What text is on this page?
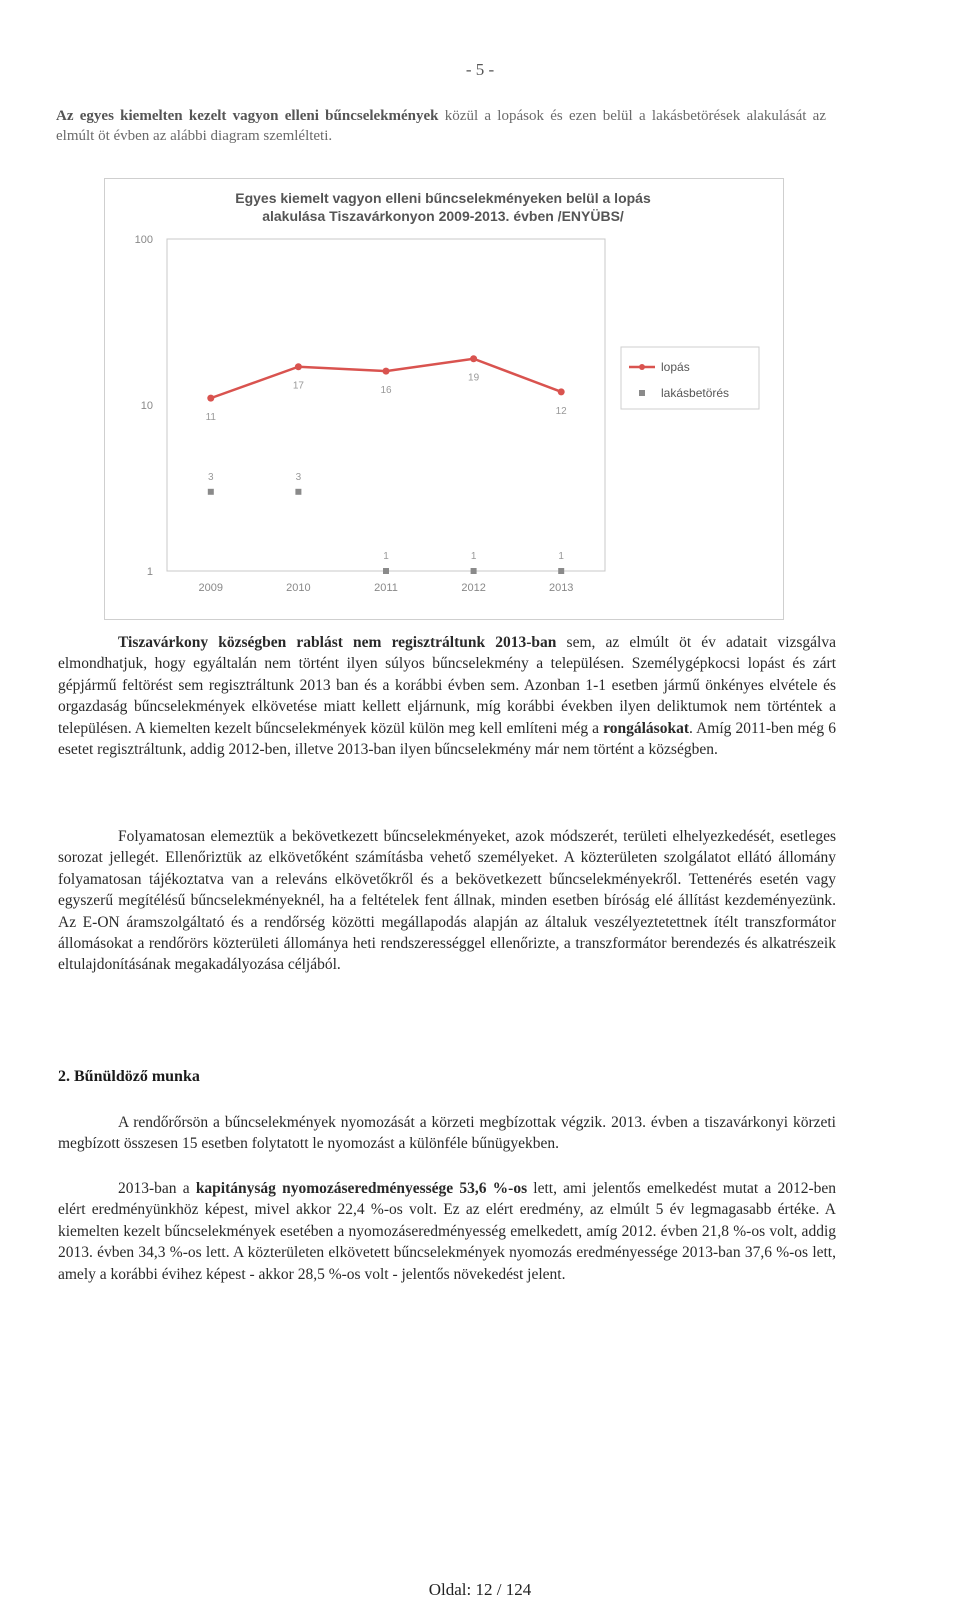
- 5 -
Az egyes kiemelten kezelt vagyon elleni bűncselekmények közül a lopások és ezen belül a lakásbetörések alakulását az elmúlt öt évben az alábbi diagram szemlélteti.
Egyes kiemelt vagyon elleni bűncselekményeken belül a lopás alakulása Tiszavárkonyon 2009-2013. évben /ENYÜBS/
100
10
1
2009	2010	2011	2012	2013
11
17	16
19
12
3	3
1	1	1
lopás
lakásbetörés

Tiszavárkony községben rablást nem regisztráltunk 2013-ban sem, az elmúlt öt év adatait vizsgálva elmondhatjuk, hogy egyáltalán nem történt ilyen súlyos bűncselekmény a településen. Személygépkocsi lopást és zárt gépjármű feltörést sem regisztráltunk 2013 ban és a korábbi évben sem. Azonban 1-1 esetben jármű önkényes elvétele és orgazdaság bűncselekmények elkövetése miatt kellett eljárnunk, míg korábbi években ilyen deliktumok nem történtek a településen. A kiemelten kezelt bűncselekmények közül külön meg kell említeni még a rongálásokat. Amíg 2011-ben még 6 esetet regisztráltunk, addig 2012-ben, illetve 2013-ban ilyen bűncselekmény már nem történt a községben.

Folyamatosan elemeztük a bekövetkezett bűncselekményeket, azok módszerét, területi elhelyezkedését, esetleges sorozat jellegét. Ellenőriztük az elkövetőként számításba vehető személyeket. A közterületen szolgálatot ellátó állomány folyamatosan tájékoztatva van a releváns elkövetőkről és a bekövetkezett bűncselekményekről. Tettenérés esetén vagy egyszerű megítélésű bűncselekményeknél, ha a feltételek fent állnak, minden esetben bíróság elé állítást kezdeményezünk. Az E-ON áramszolgáltató és a rendőrség közötti megállapodás alapján az általuk veszélyeztetettnek ítélt transzformátor állomásokat a rendőrörs közterületi állománya heti rendszerességgel ellenőrizte, a transzformátor berendezés és alkatrészeik eltulajdonításának megakadályozása céljából.

2. Bűnüldöző munka

A rendőrőrsön a bűncselekmények nyomozását a körzeti megbízottak végzik. 2013. évben a tiszavárkonyi körzeti megbízott összesen 15 esetben folytatott le nyomozást a különféle bűnügyekben.

2013-ban a kapitányság nyomozáseredményessége 53,6 %-os lett, ami jelentős emelkedést mutat a 2012-ben elért eredményünkhöz képest, mivel akkor 22,4 %-os volt. Ez az elért eredmény, az elmúlt 5 év legmagasabb értéke. A kiemelten kezelt bűncselekmények esetében a nyomozáseredményesség emelkedett, amíg 2012. évben 21,8 %-os volt, addig 2013. évben 34,3 %-os lett. A közterületen elkövetett bűncselekmények nyomozás eredményessége 2013-ban 37,6 %-os lett, amely a korábbi évihez képest - akkor 28,5 %-os volt - jelentős növekedést jelent.

Oldal: 12 / 124
